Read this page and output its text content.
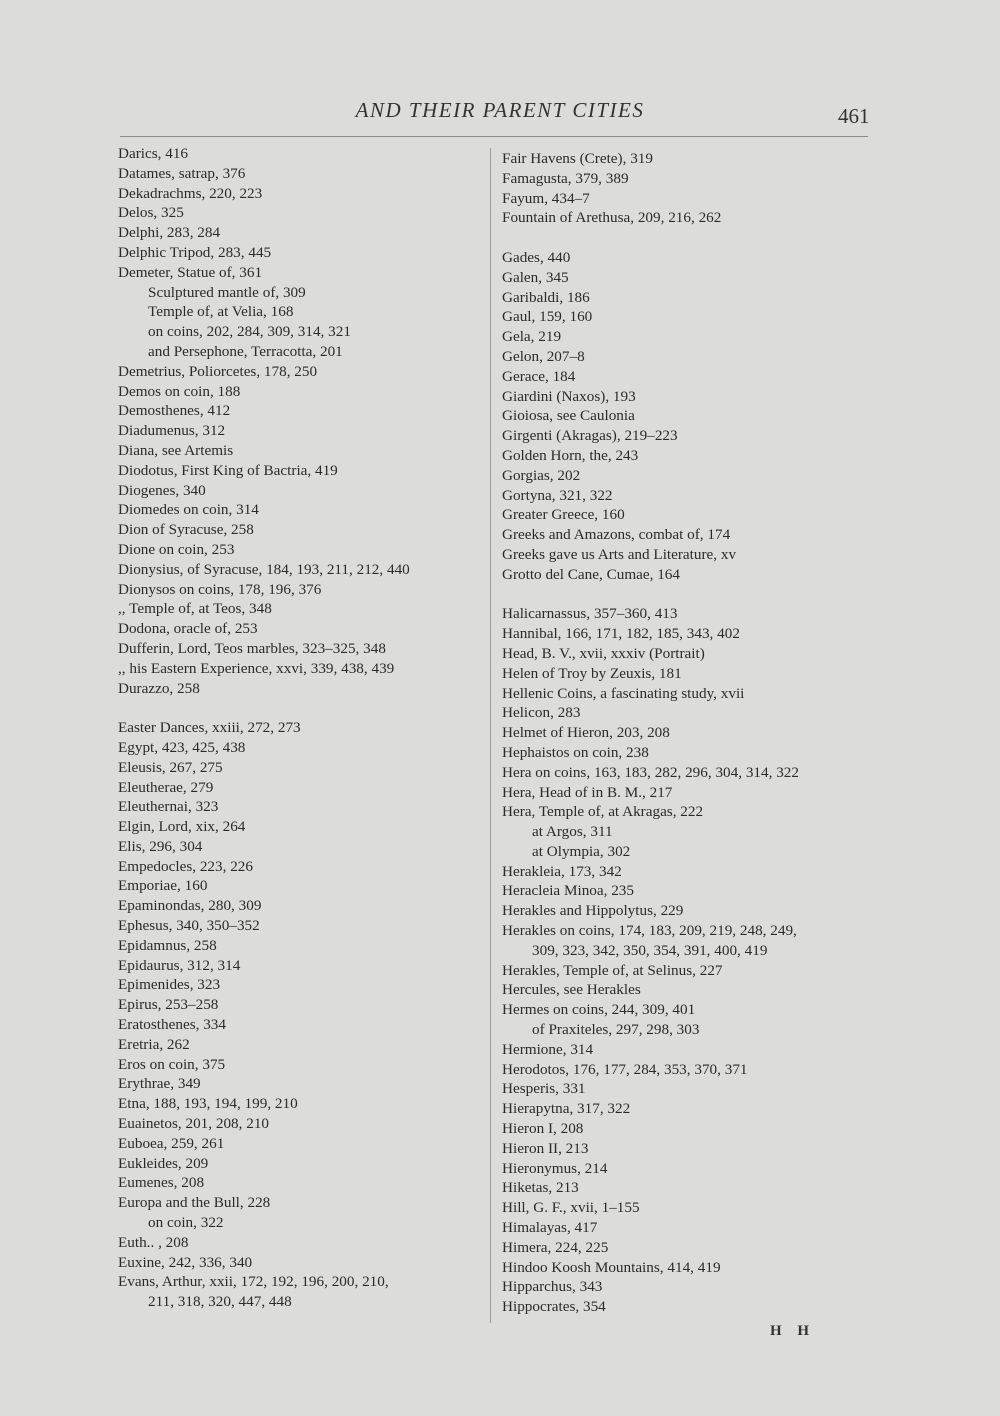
AND THEIR PARENT CITIES	461
Darics, 416
Datames, satrap, 376
Dekadrachms, 220, 223
Delos, 325
Delphi, 283, 284
Delphic Tripod, 283, 445
Demeter, Statue of, 361
Sculptured mantle of, 309
Temple of, at Velia, 168
on coins, 202, 284, 309, 314, 321
and Persephone, Terracotta, 201
Demetrius, Poliorcetes, 178, 250
Demos on coin, 188
Demosthenes, 412
Diadumenus, 312
Diana, see Artemis
Diodotus, First King of Bactria, 419
Diogenes, 340
Diomedes on coin, 314
Dion of Syracuse, 258
Dione on coin, 253
Dionysius, of Syracuse, 184, 193, 211, 212, 440
Dionysos on coins, 178, 196, 376
,, Temple of, at Teos, 348
Dodona, oracle of, 253
Dufferin, Lord, Teos marbles, 323–325, 348
,, his Eastern Experience, xxvi, 339, 438, 439
Durazzo, 258
Easter Dances, xxiii, 272, 273
Egypt, 423, 425, 438
Eleusis, 267, 275
Eleutherae, 279
Eleuthernai, 323
Elgin, Lord, xix, 264
Elis, 296, 304
Empedocles, 223, 226
Emporiae, 160
Epaminondas, 280, 309
Ephesus, 340, 350–352
Epidamnus, 258
Epidaurus, 312, 314
Epimenides, 323
Epirus, 253–258
Eratosthenes, 334
Eretria, 262
Eros on coin, 375
Erythrae, 349
Etna, 188, 193, 194, 199, 210
Euainetos, 201, 208, 210
Euboea, 259, 261
Eukleides, 209
Eumenes, 208
Europa and the Bull, 228
on coin, 322
Euth.. , 208
Euxine, 242, 336, 340
Evans, Arthur, xxii, 172, 192, 196, 200, 210,
211, 318, 320, 447, 448
Fair Havens (Crete), 319
Famagusta, 379, 389
Fayum, 434–7
Fountain of Arethusa, 209, 216, 262
Gades, 440
Galen, 345
Garibaldi, 186
Gaul, 159, 160
Gela, 219
Gelon, 207–8
Gerace, 184
Giardini (Naxos), 193
Gioiosa, see Caulonia
Girgenti (Akragas), 219–223
Golden Horn, the, 243
Gorgias, 202
Gortyna, 321, 322
Greater Greece, 160
Greeks and Amazons, combat of, 174
Greeks gave us Arts and Literature, xv
Grotto del Cane, Cumae, 164
Halicarnassus, 357–360, 413
Hannibal, 166, 171, 182, 185, 343, 402
Head, B. V., xvii, xxxiv (Portrait)
Helen of Troy by Zeuxis, 181
Hellenic Coins, a fascinating study, xvii
Helicon, 283
Helmet of Hieron, 203, 208
Hephaistos on coin, 238
Hera on coins, 163, 183, 282, 296, 304, 314, 322
Hera, Head of in B. M., 217
Hera, Temple of, at Akragas, 222
at Argos, 311
at Olympia, 302
Herakleia, 173, 342
Heracleia Minoa, 235
Herakles and Hippolytus, 229
Herakles on coins, 174, 183, 209, 219, 248, 249,
309, 323, 342, 350, 354, 391, 400, 419
Herakles, Temple of, at Selinus, 227
Hercules, see Herakles
Hermes on coins, 244, 309, 401
of Praxiteles, 297, 298, 303
Hermione, 314
Herodotos, 176, 177, 284, 353, 370, 371
Hesperis, 331
Hierapytna, 317, 322
Hieron I, 208
Hieron II, 213
Hieronymus, 214
Hiketas, 213
Hill, G. F., xvii, 1–155
Himalayas, 417
Himera, 224, 225
Hindoo Koosh Mountains, 414, 419
Hipparchus, 343
Hippocrates, 354
H H
